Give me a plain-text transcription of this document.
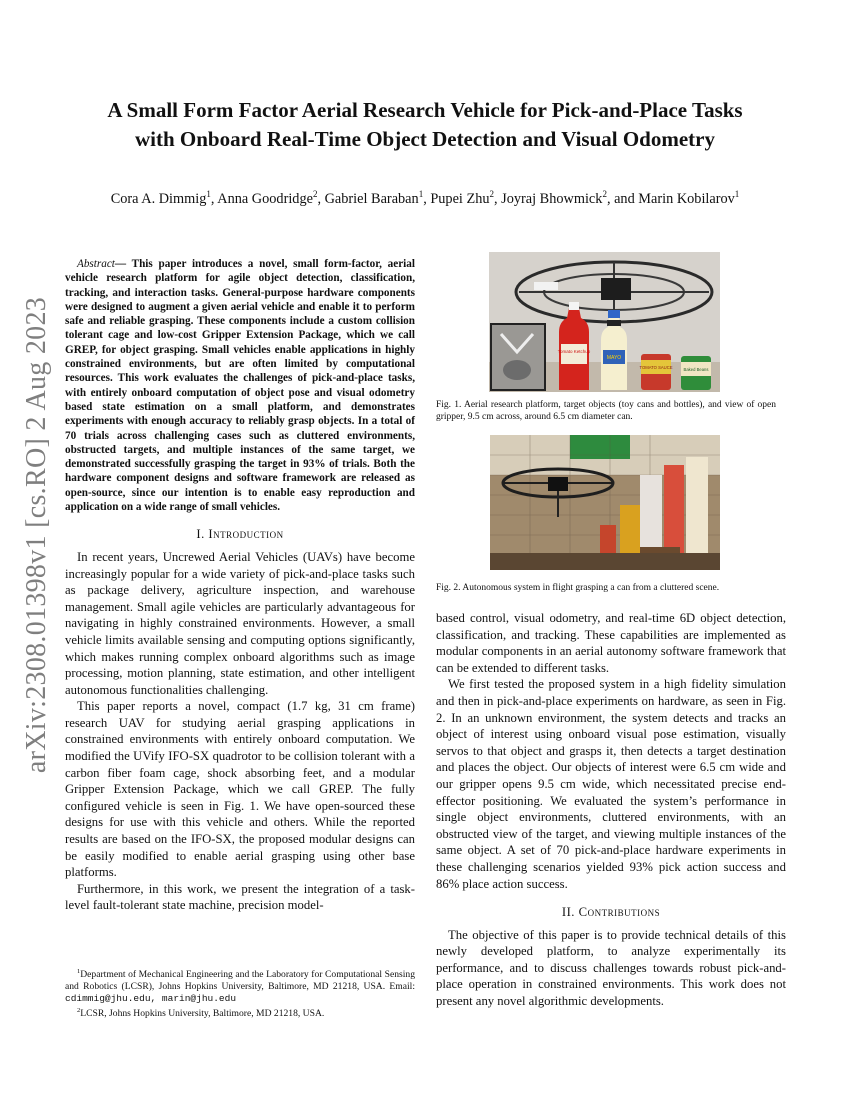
arXiv:2308.01398v1 [cs.RO] 2 Aug 2023
A Small Form Factor Aerial Research Vehicle for Pick-and-Place Tasks
with Onboard Real-Time Object Detection and Visual Odometry
Cora A. Dimmig$^1$, Anna Goodridge$^2$, Gabriel Baraban$^1$, Pupei Zhu$^2$, Joyraj Bhowmick$^2$, and Marin Kobilarov$^1$

Abstract— This paper introduces a novel, small form-factor, aerial vehicle research platform for agile object detection, classification, tracking, and interaction tasks. General-purpose hardware components were designed to augment a given aerial vehicle and enable it to perform safe and reliable grasping. These components include a custom collision tolerant cage and low-cost Gripper Extension Package, which we call GREP, for object grasping. Small vehicles enable applications in highly constrained environments, but are often limited by computational resources. This work evaluates the challenges of pick-and-place tasks, with entirely onboard computation of object pose and visual odometry based state estimation on a small platform, and demonstrates experiments with enough accuracy to reliably grasp objects. In a total of 70 trials across challenging cases such as cluttered environments, obstructed targets, and multiple instances of the same target, we demonstrated successfully grasping the target in 93% of trials. Both the hardware component designs and software framework are released as open-source, since our intention is to enable easy reproduction and application on a wide range of small vehicles.

I. Introduction

In recent years, Uncrewed Aerial Vehicles (UAVs) have become increasingly popular for a wide variety of pick-and-place tasks such as package delivery, agriculture inspection, and warehouse management. Small agile vehicles are particularly advantageous for navigating in highly constrained environments. However, a small vehicle limits available sensing and computing options significantly, which makes running complex onboard algorithms such as image processing, motion planning, state estimation, and other intelligent autonomous functionalities challenging.

This paper reports a novel, compact (1.7 kg, 31 cm frame) research UAV for studying aerial grasping applications in constrained environments with entirely onboard computation. We modified the UVify IFO-SX quadrotor to be collision tolerant with a carbon fiber foam cage, shock absorbing feet, and a modular Gripper Extension Package, which we call GREP. The fully configured vehicle is seen in Fig. 1. We have open-sourced these designs for use with this vehicle and others. While the reported results are based on the IFO-SX, the proposed modular designs can be easily modified to enable aerial grasping using other base platforms.

Furthermore, in this work, we present the integration of a task-level fault-tolerant state machine, precision model-

$^1$Department of Mechanical Engineering and the Laboratory for Computational Sensing and Robotics (LCSR), Johns Hopkins University, Baltimore, MD 21218, USA. Email: cdimmig@jhu.edu, marin@jhu.edu

$^2$LCSR, Johns Hopkins University, Baltimore, MD 21218, USA.

Tomato Ketchup
MAYO
TOMATO SAUCE	Baked Beans
Fig. 1. Aerial research platform, target objects (toy cans and bottles), and view of open gripper, 9.5 cm across, around 6.5 cm diameter can.
Fig. 2. Autonomous system in flight grasping a can from a cluttered scene.

based control, visual odometry, and real-time 6D object detection, classification, and tracking. These capabilities are implemented as modular components in an aerial autonomy software framework that can be extended to different tasks.

We first tested the proposed system in a high fidelity simulation and then in pick-and-place experiments on hardware, as seen in Fig. 2. In an unknown environment, the system detects and tracks an object of interest using onboard visual pose estimation, visually servos to that object and grasps it, then detects a target destination and places the object. Our objects of interest were 6.5 cm wide and our gripper opens 9.5 cm wide, which necessitated precise end-effector positioning. We evaluated the system’s performance in single object environments, cluttered environments, with an obstructed view of the target, and viewing multiple instances of the same object. A set of 70 pick-and-place hardware experiments in these challenging scenarios yielded 93% pick action success and 86% place action success.

II. Contributions

The objective of this paper is to provide technical details of this newly developed platform, to analyze experimentally its performance, and to discuss challenges towards robust pick-and-place operation in constrained environments. This work does not present any novel algorithmic developments.
